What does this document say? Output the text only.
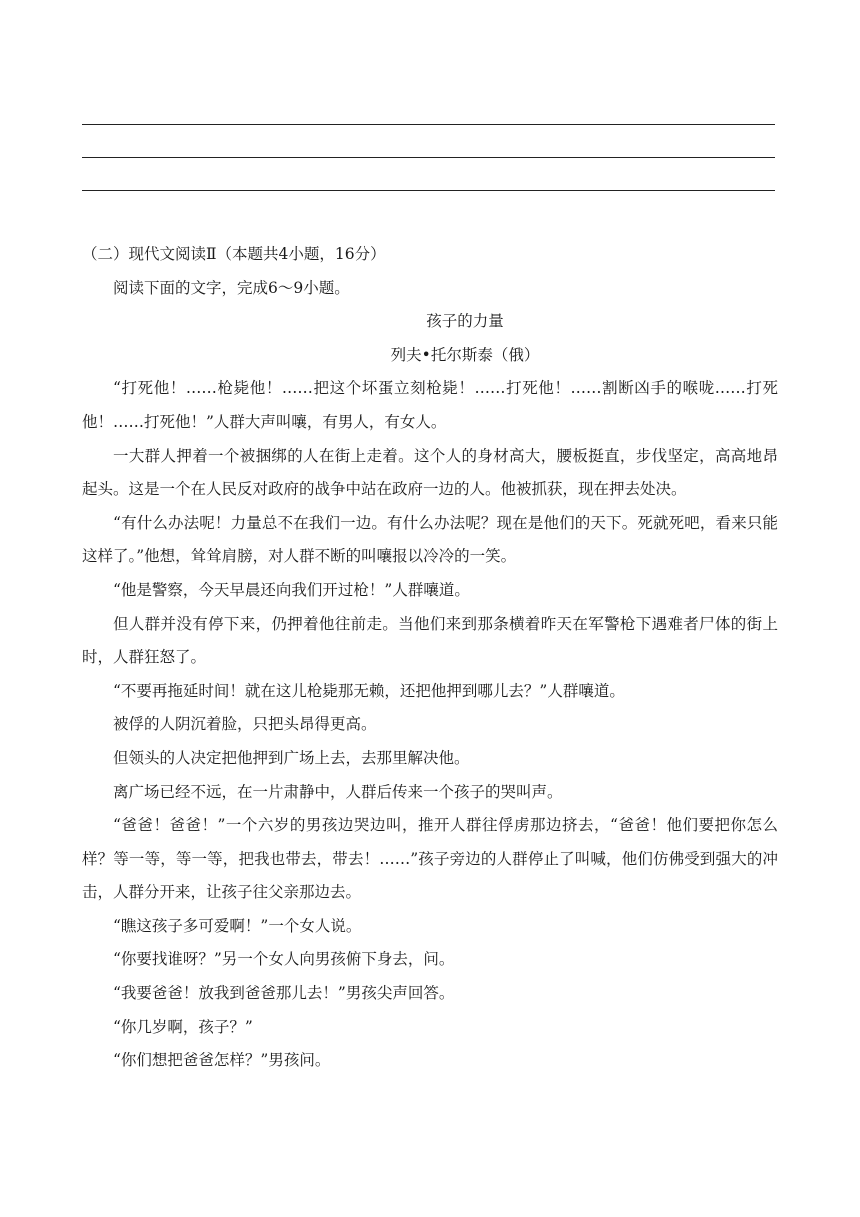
（二）现代文阅读Ⅱ（本题共4小题，16分）

阅读下面的文字，完成6～9小题。

孩子的力量

列夫•托尔斯泰（俄）

“打死他！……枪毙他！……把这个坏蛋立刻枪毙！……打死他！……割断凶手的喉咙……打死他！……打死他！”人群大声叫嚷，有男人，有女人。

一大群人押着一个被捆绑的人在街上走着。这个人的身材高大，腰板挺直，步伐坚定，高高地昂起头。这是一个在人民反对政府的战争中站在政府一边的人。他被抓获，现在押去处决。

“有什么办法呢！力量总不在我们一边。有什么办法呢？现在是他们的天下。死就死吧，看来只能这样了。”他想，耸耸肩膀，对人群不断的叫嚷报以冷冷的一笑。

“他是警察，今天早晨还向我们开过枪！”人群嚷道。

但人群并没有停下来，仍押着他往前走。当他们来到那条横着昨天在军警枪下遇难者尸体的街上时，人群狂怒了。

“不要再拖延时间！就在这儿枪毙那无赖，还把他押到哪儿去？”人群嚷道。

被俘的人阴沉着脸，只把头昂得更高。

但领头的人决定把他押到广场上去，去那里解决他。

离广场已经不远，在一片肃静中，人群后传来一个孩子的哭叫声。

“爸爸！爸爸！”一个六岁的男孩边哭边叫，推开人群往俘虏那边挤去，“爸爸！他们要把你怎么样？等一等，等一等，把我也带去，带去！……”孩子旁边的人群停止了叫喊，他们仿佛受到强大的冲击，人群分开来，让孩子往父亲那边去。

“瞧这孩子多可爱啊！”一个女人说。

“你要找谁呀？”另一个女人向男孩俯下身去，问。

“我要爸爸！放我到爸爸那儿去！”男孩尖声回答。

“你几岁啊，孩子？”

“你们想把爸爸怎样？”男孩问。
